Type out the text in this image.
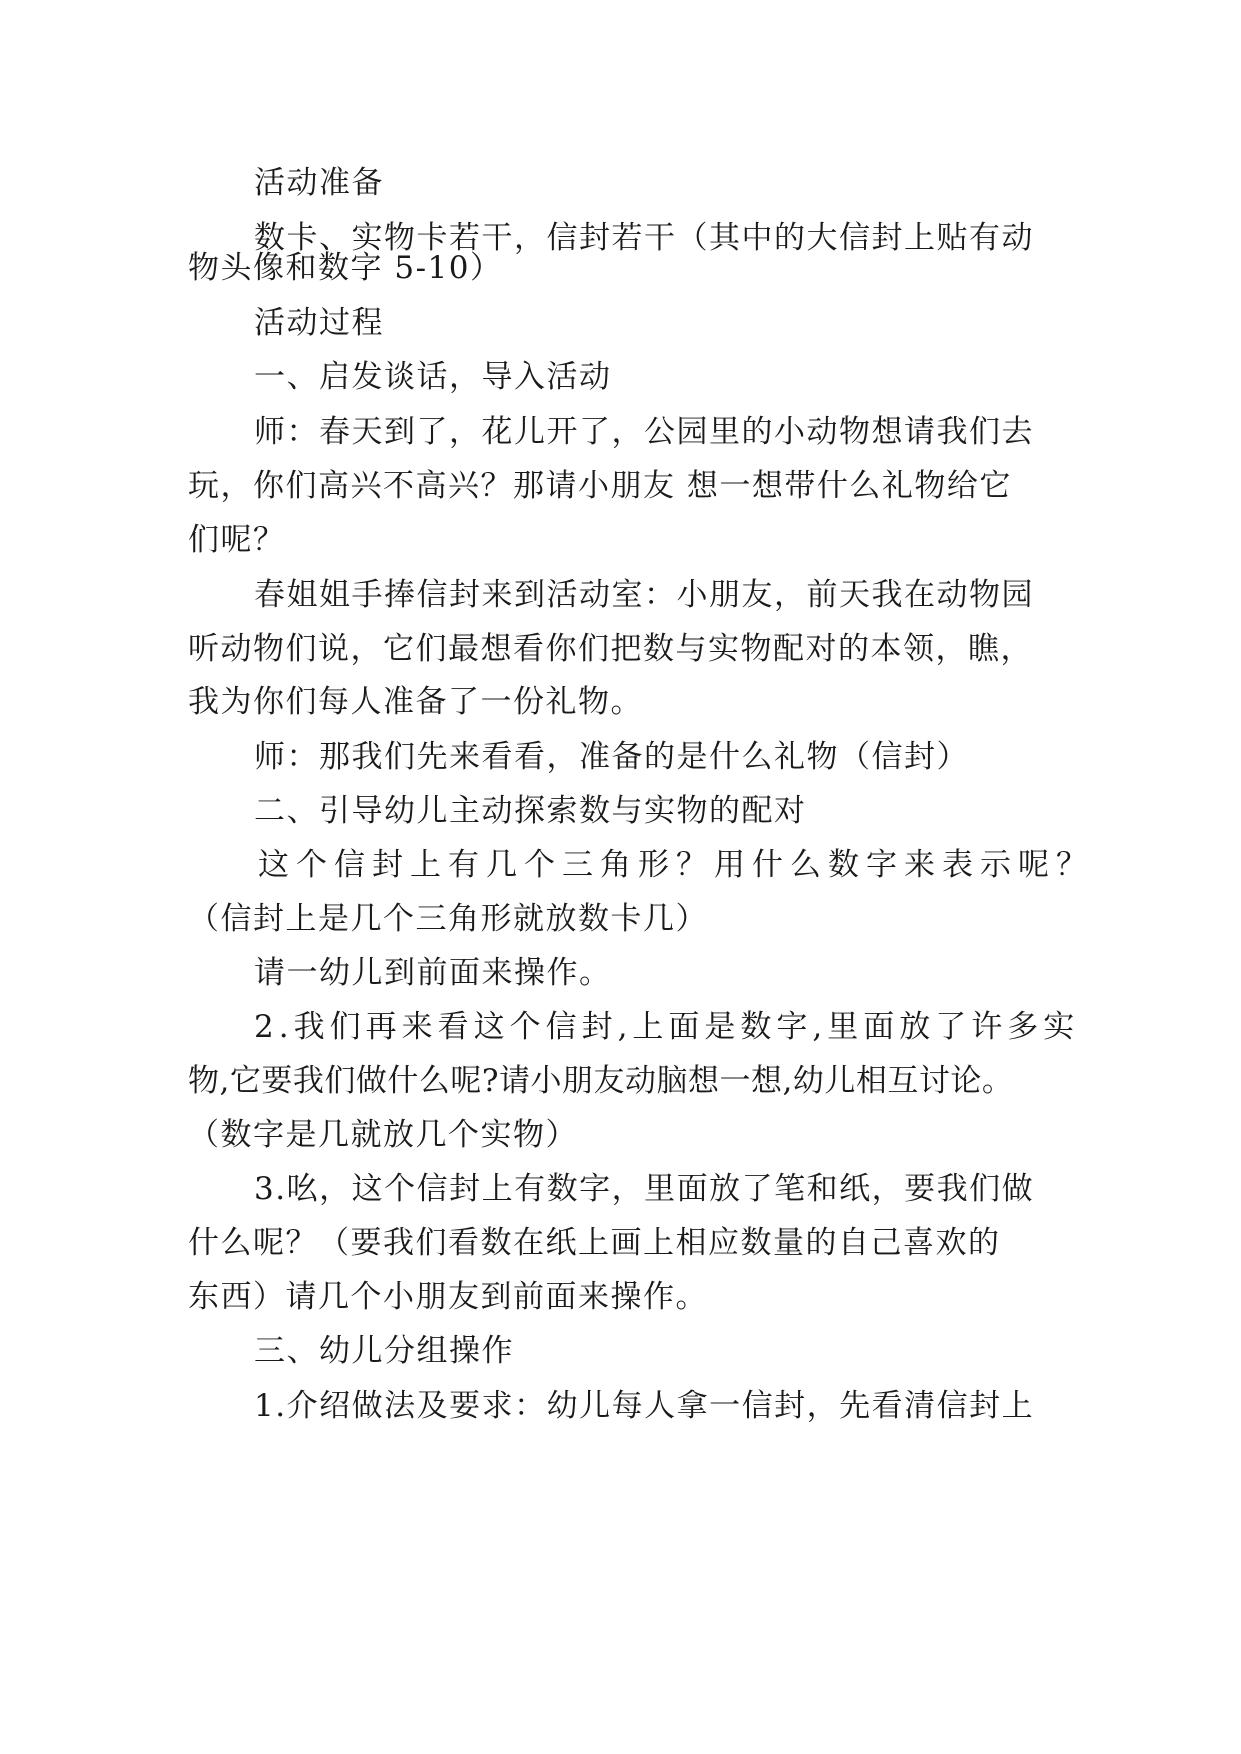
活动准备
数卡、实物卡若干，信封若干（其中的大信封上贴有动
物头像和数字 5-10）
活动过程
一、启发谈话，导入活动
师：春天到了，花儿开了，公园里的小动物想请我们去
玩，你们高兴不高兴？那请小朋友 想一想带什么礼物给它
们呢？
春姐姐手捧信封来到活动室：小朋友，前天我在动物园
听动物们说，它们最想看你们把数与实物配对的本领，瞧，
我为你们每人准备了一份礼物。
师：那我们先来看看，准备的是什么礼物（信封）
二、引导幼儿主动探索数与实物的配对
这个信封上有几个三角形？用什么数字来表示呢？
（信封上是几个三角形就放数卡几）
请一幼儿到前面来操作。
2.我们再来看这个信封,上面是数字,里面放了许多实
物,它要我们做什么呢?请小朋友动脑想一想,幼儿相互讨论。
（数字是几就放几个实物）
3.吆，这个信封上有数字，里面放了笔和纸，要我们做
什么呢？（要我们看数在纸上画上相应数量的自己喜欢的
东西）请几个小朋友到前面来操作。
三、幼儿分组操作
1.介绍做法及要求：幼儿每人拿一信封，先看清信封上
